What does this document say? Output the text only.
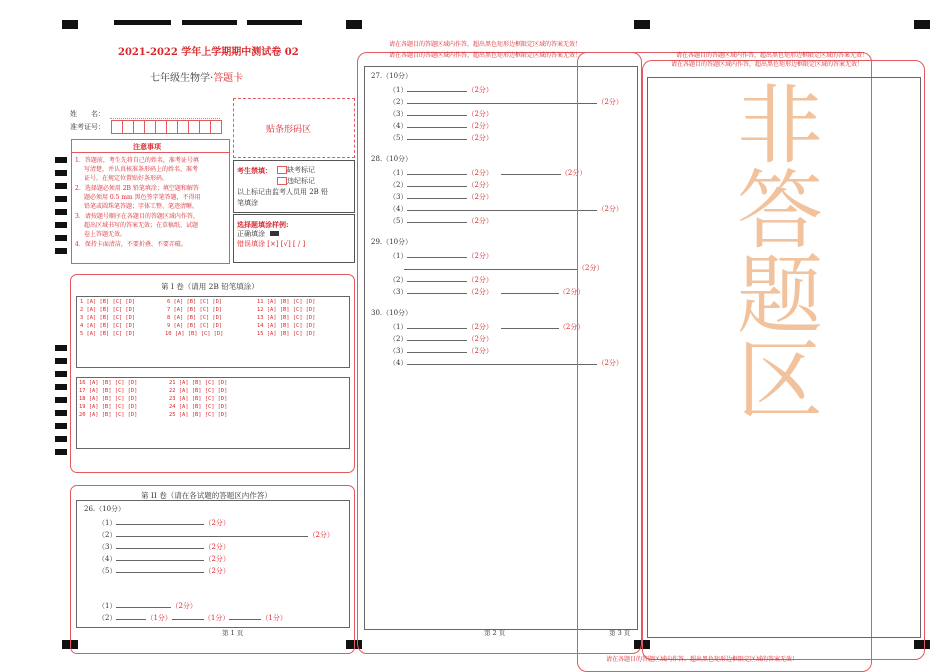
2021-2022 学年上学期期中测试卷 02
七年级生物学·答题卡
姓　　名：
准考证号：	贴条形码区
注意事项
1．答题前，考生先将自己的姓名，准考证号填
写清楚，并认真核准条形码上的姓名、准考
证号，在规定位置贴好条形码。
2．选择题必须用 2B 铅笔填涂；填空题和解答
题必须用 0.5 mm 黑色签字笔答题，不得用
铅笔或圆珠笔答题；字体工整、笔迹清晰。
3．请按题号顺序在各题目的答题区域内作答，
超出区域书写的答案无效；在草稿纸、试题
卷上答题无效。
4．保持卡面清洁，不要折叠、不要弄破。
考生禁填： 缺考标记
违纪标记
以上标记由监考人员用 2B 铅
笔填涂
选择题填涂样例:
正确填涂
错误填涂 [×] [√] [ / ]
第 I 卷（请用 2B 铅笔填涂）
1 [A] [B] [C] [D]	6 [A] [B] [C] [D]	11 [A] [B] [C] [D]
2 [A] [B] [C] [D]	7 [A] [B] [C] [D]	12 [A] [B] [C] [D]
3 [A] [B] [C] [D]	8 [A] [B] [C] [D]	13 [A] [B] [C] [D]
4 [A] [B] [C] [D]	9 [A] [B] [C] [D]	14 [A] [B] [C] [D]
5 [A] [B] [C] [D]	10 [A] [B] [C] [D]	15 [A] [B] [C] [D]
16 [A] [B] [C] [D]	21 [A] [B] [C] [D]
17 [A] [B] [C] [D]	22 [A] [B] [C] [D]
18 [A] [B] [C] [D]	23 [A] [B] [C] [D]
19 [A] [B] [C] [D]	24 [A] [B] [C] [D]
20 [A] [B] [C] [D]	25 [A] [B] [C] [D]
第 II 卷（请在各试题的答题区内作答）
26.（10分）
（1）	（2分）
（2）	（2分）
（3）	（2分）
（4）	（2分）
（5）	（2分）
（1）	（2分）
（2）	（1分）	（1分）	（1分）
第 1 页
请在各题目的答题区域内作答，超出黑色矩形边框限定区域的答案无效！
请在各题目的答题区域内作答，超出黑色矩形边框限定区域的答案无效！
27.（10分）
（1）	（2分）
（2）	（2分）
（3）	（2分）
（4）	（2分）
（5）	（2分）
28.（10分）
（1）	（2分）	（2分）
（2）	（2分）
（3）	（2分）
（4）	（2分）
（5）	（2分）
29.（10分）
（1）	（2分）
（2分）
（2）	（2分）
（3）	（2分）	（2分）
30.（10分）
（1）	（2分）	（2分）
（2）	（2分）
（3）	（2分）
（4）	（2分）
第 2 页	第 3 页
请在各题目的答题区域内作答，超出黑色矩形边框限定区域的答案无效！
请在各题目的答题区域内作答，超出黑色矩形边框限定区域的答案无效！
非
答
题
区
请在各题目的答题区域内作答，超出黑色矩形边框限定区域的答案无效！
